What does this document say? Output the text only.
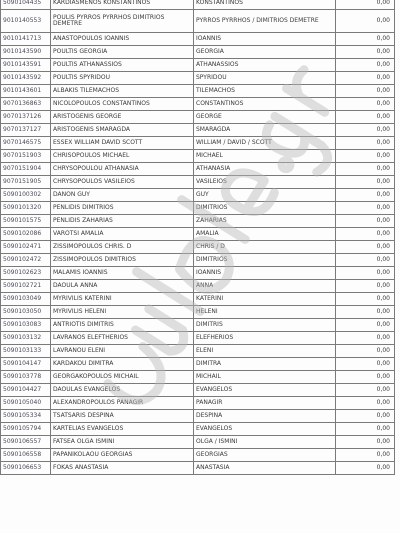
5090104435	KARDIASMENOS KONSTANTINOS	KONSTANTINOS	0,00
9010140553	POULIS PYRROS PYRRHOS DIMITRIOS DEMETRE	PYRROS PYRRHOS / DIMITRIOS DEMETRE	0,00
9010141713	ANASTOPOULOS IOANNIS	IOANNIS	0,00
9010143590	POULTIS GEORGIA	GEORGIA	0,00
9010143591	POULTIS ATHANASSIOS	ATHANASSIOS	0,00
9010143592	POULTIS SPYRIDOU	SPYRIDOU	0,00
9010143601	ALBAKIS TILEMACHOS	TILEMACHOS	0,00
9070136863	NICOLOPOULOS CONSTANTINOS	CONSTANTINOS	0,00
9070137126	ARISTOGENIS GEORGE	GEORGE	0,00
9070137127	ARISTOGENIS SMARAGDA	SMARAGDA	0,00
9070146575	ESSEX WILLIAM DAVID SCOTT	WILLIAM / DAVID / SCOTT	0,00
9070151903	CHRISOPOULOS MICHAEL	MICHAEL	0,00
9070151904	CHRYSOPOULOU ATHANASIA	ATHANASIA	0,00
9070151905	CHRYSOPOULOS VASILEIOS	VASILEIOS	0,00
5090100302	DANON GUY	GUY	0,00
5090101320	PENLIDIS DIMITRIOS	DIMITRIOS	0,00
5090101575	PENLIDIS ZAHARIAS	ZAHARIAS	0,00
5090102086	VAROTSI AMALIA	AMALIA	0,00
5090102471	ZISSIMOPOULOS CHRIS. D	CHRIS / D	0,00
5090102472	ZISSIMOPOULOS DIMITRIOS	DIMITRIOS	0,00
5090102623	MALAMIS IOANNIS	IOANNIS	0,00
5090102721	DAOULA ANNA	ANNA	0,00
5090103049	MYRIVILIS KATERINI	KATERINI	0,00
5090103050	MYRIVILIS HELENI	HELENI	0,00
5090103083	ANTRIOTIS DIMITRIS	DIMITRIS	0,00
5090103132	LAVRANOS ELEFTHERIOS	ELEFHERIOS	0,00
5090103133	LAVRANOU ELENI	ELENI	0,00
5090104147	KARDAKOU DIMITRA	DIMITRA	0,00
5090103778	GEORGAKOPOULOS MICHAIL	MICHAIL	0,00
5090104427	DAOULAS EVANGELOS	EVANGELOS	0,00
5090105040	ALEXANDROPOULOS PANAGIR	PANAGIR	0,00
5090105334	TSATSARIS DESPINA	DESPINA	0,00
5090105794	KARTELIAS EVANGELOS	EVANGELOS	0,00
5090106557	FATSEA OLGA ISMINI	OLGA / ISMINI	0,00
5090106558	PAPANIKOLAOU GEORGIAS	GEORGIAS	0,00
5090106653	FOKAS ANASTASIA	ANASTASIA	0,00
